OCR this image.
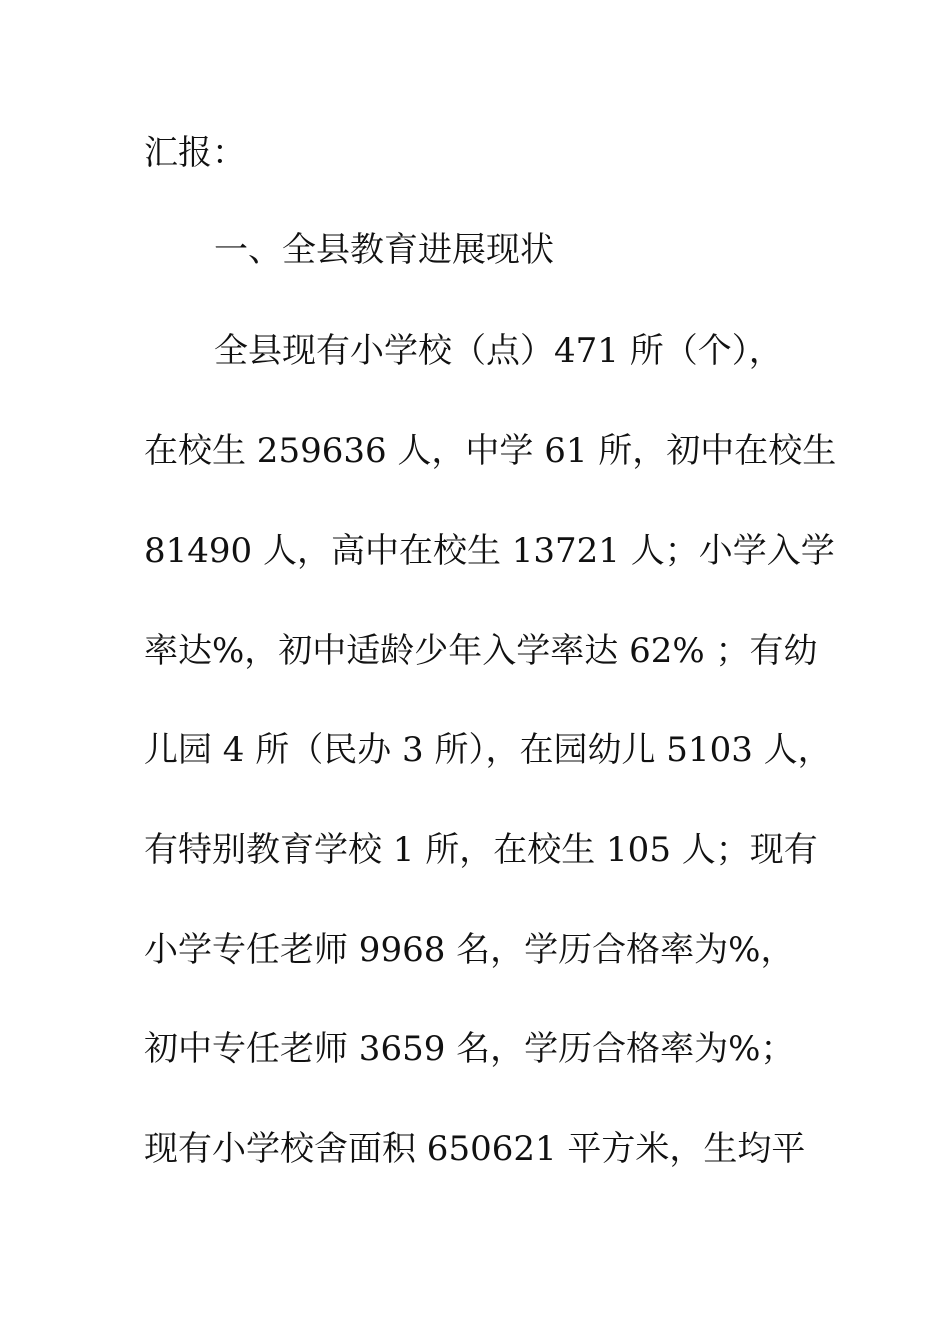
汇报：
一、全县教育进展现状
全县现有小学校（点）471 所（个），
在校生 259636 人，中学 61 所，初中在校生
81490 人，高中在校生 13721 人；小学入学
率达%，初中适龄少年入学率达 62% ；有幼
儿园 4 所（民办 3 所），在园幼儿 5103 人，
有特别教育学校 1 所，在校生 105 人；现有
小学专任老师 9968 名，学历合格率为%，
初中专任老师 3659 名，学历合格率为%；
现有小学校舍面积 650621 平方米，生均平
